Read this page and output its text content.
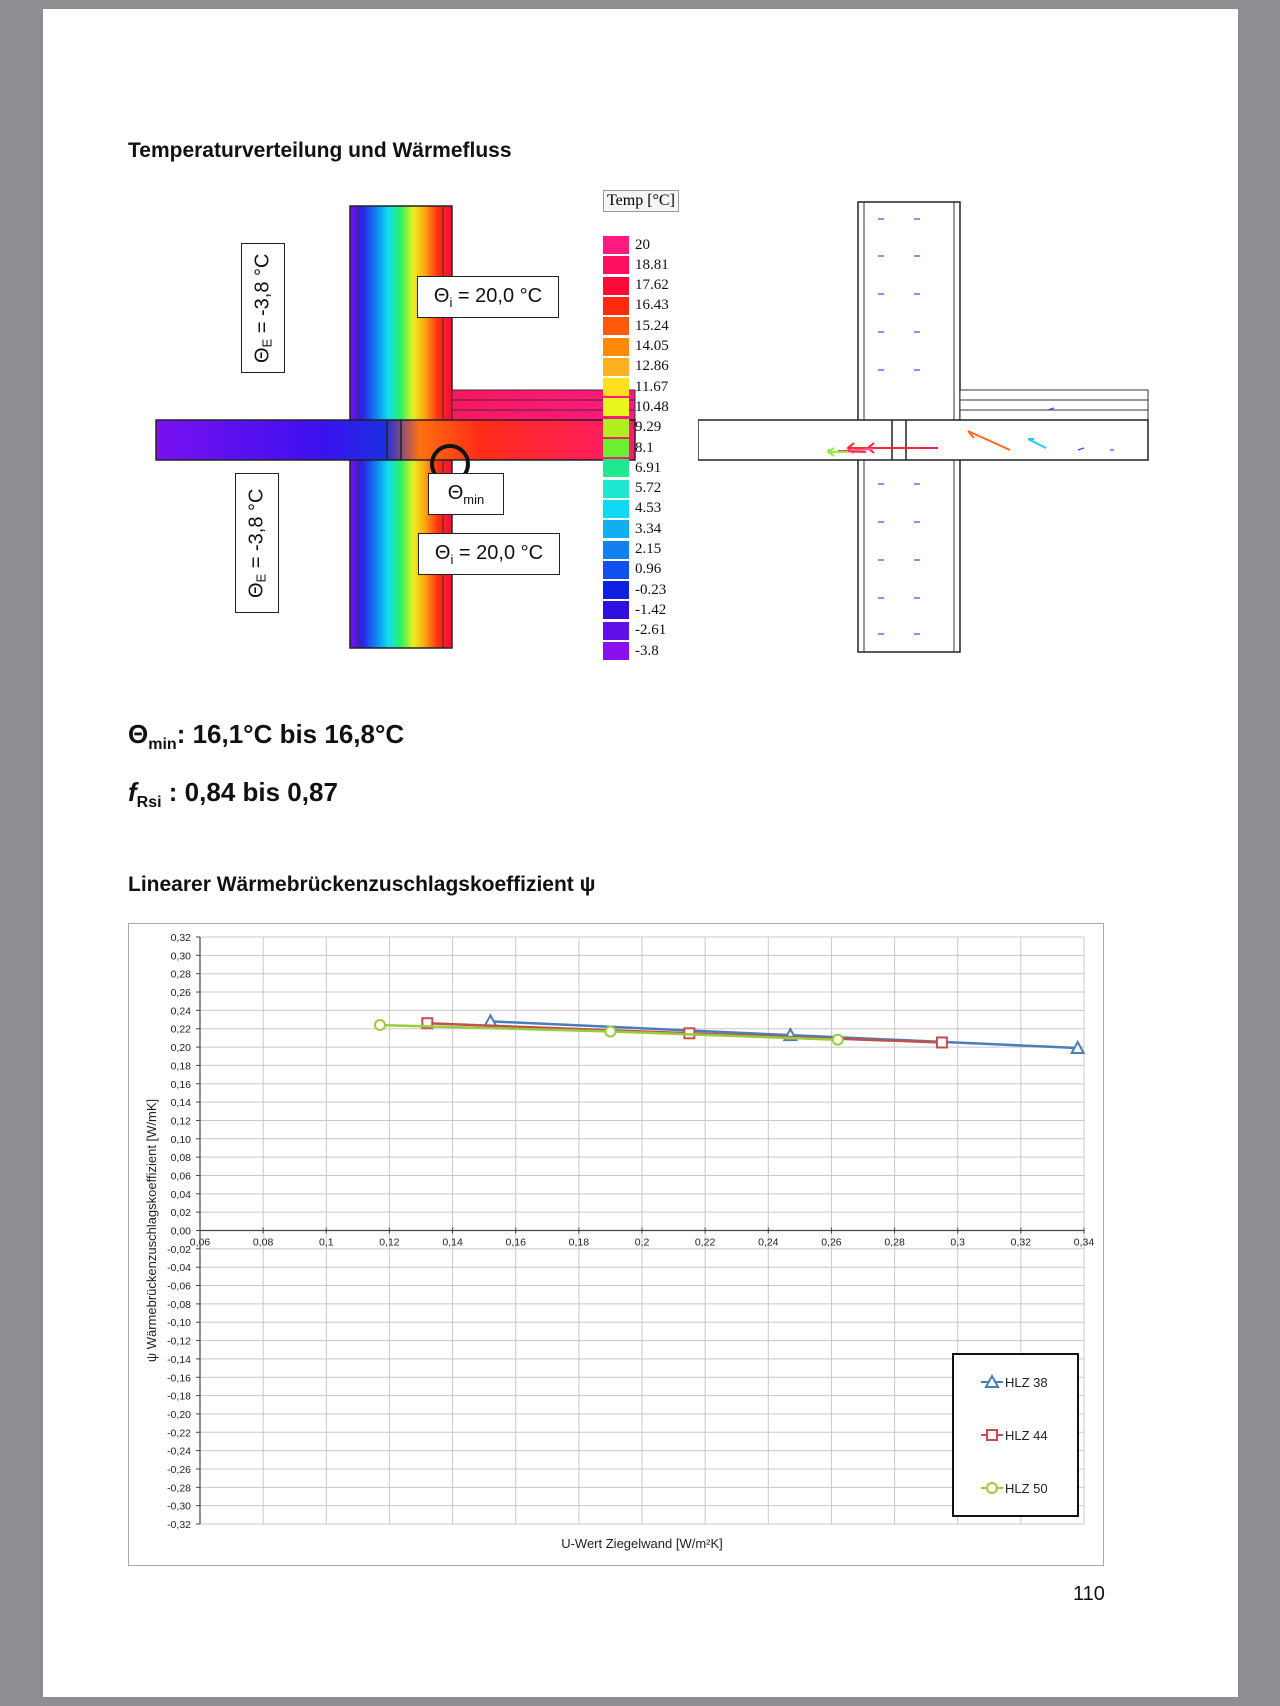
Temperaturverteilung und Wärmefluss
$\Theta_E = -3,8$ °C
$\Theta_E = -3,8$ °C
$\Theta_i = 20,0$ °C
$\Theta_{min}$
$\Theta_i = 20,0$ °C
Temp [°C]
20
18.81
17.62
16.43
15.24
14.05
12.86
11.67
10.48
9.29
8.1
6.91
5.72
4.53
3.34
2.15
0.96
-0.23
-1.42
-2.61
-3.8
$\Theta_{min}$: 16,1°C bis 16,8°C
$f_{Rsi}$ : 0,84 bis 0,87
Linearer Wärmebrückenzuschlagskoeffizient ψ
0,32
0,30
0,28
0,26
0,24
0,22
0,20
0,18
0,16
0,14
0,12
0,10
0,08
0,06
0,04
0,02
0,00
-0,02
-0,04
-0,06
-0,08
-0,10
-0,12
-0,14
-0,16
-0,18
-0,20
-0,22
-0,24
-0,26
-0,28
-0,30
-0,32
0,06	0,08	0,1	0,12	0,14	0,16	0,18	0,2	0,22	0,24	0,26	0,28	0,3	0,32	0,34
U-Wert Ziegelwand [W/m²K]
ψ Wärmebrückenzuschlagskoeffizient [W/mK]
HLZ 38
HLZ 44
HLZ 50
110
